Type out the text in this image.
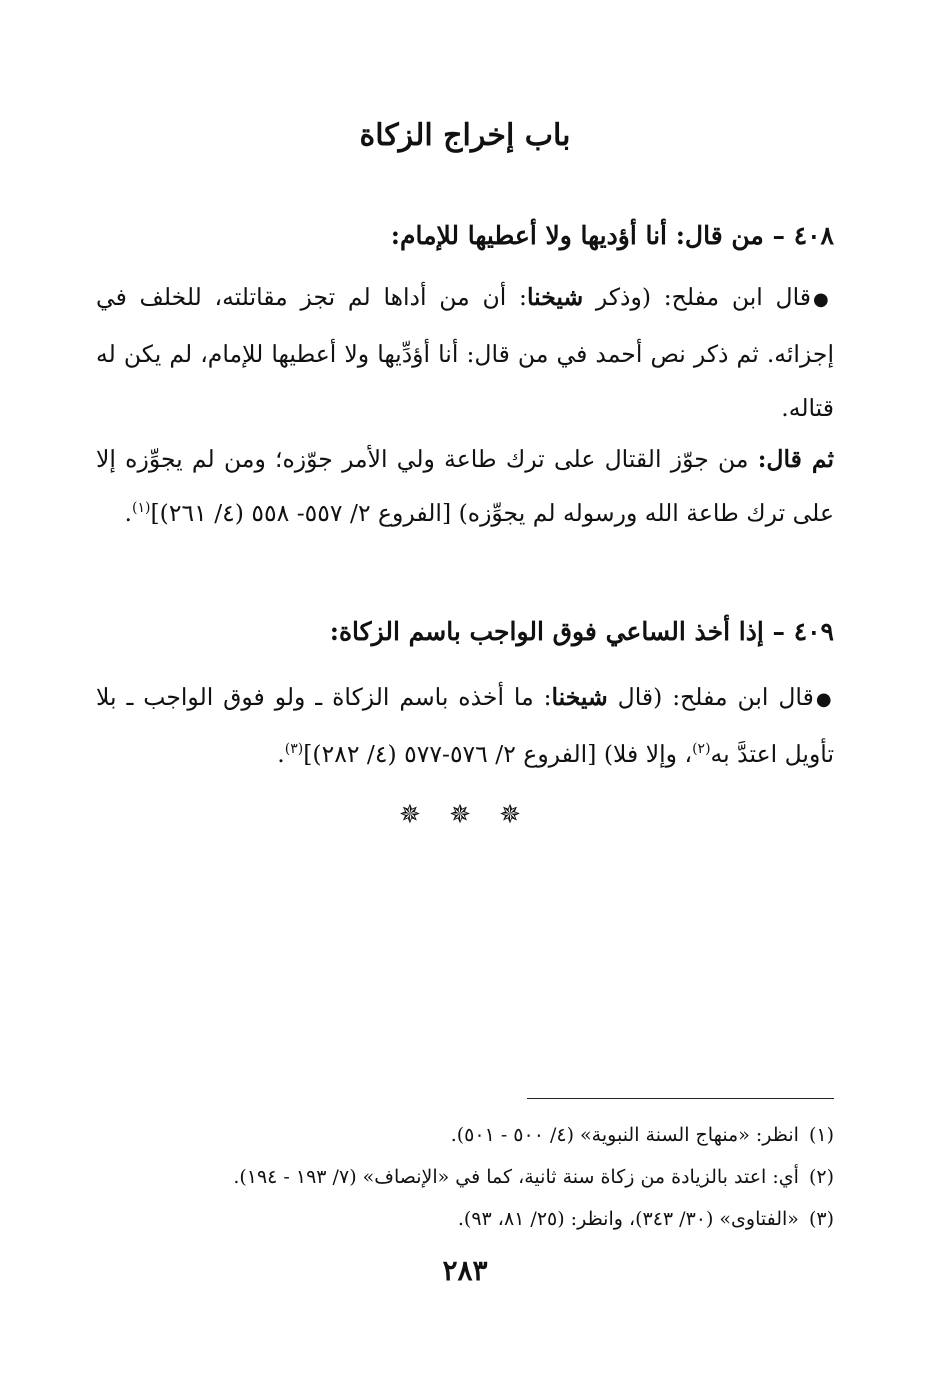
باب إخراج الزكاة
٤٠٨ – من قال: أنا أؤديها ولا أعطيها للإمام:
●قال ابن مفلح: (وذكر شيخنا: أن من أداها لم تجز مقاتلته، للخلف في إجزائه. ثم ذكر نص أحمد في من قال: أنا أؤدِّيها ولا أعطيها للإمام، لم يكن له قتاله.
ثم قال: من جوّز القتال على ترك طاعة ولي الأمر جوّزه؛ ومن لم يجوِّزه إلا على ترك طاعة الله ورسوله لم يجوِّزه) [الفروع ٢/ ٥٥٧- ٥٥٨ (٤/ ٢٦١)]$^{(١)}$.
٤٠٩ – إذا أخذ الساعي فوق الواجب باسم الزكاة:
●قال ابن مفلح: (قال شيخنا: ما أخذه باسم الزكاة ـ ولو فوق الواجب ـ بلا تأويل اعتدَّ به$^{(٢)}$، وإلا فلا) [الفروع ٢/ ٥٧٦-٥٧٧ (٤/ ٢٨٢)]$^{(٣)}$.
✵ ✵ ✵
(١)انظر: «منهاج السنة النبوية» (٤/ ٥٠٠ - ٥٠١).
(٢)أي: اعتد بالزيادة من زكاة سنة ثانية، كما في «الإنصاف» (٧/ ١٩٣ - ١٩٤).
(٣)«الفتاوى» (٣٠/ ٣٤٣)، وانظر: (٢٥/ ٨١، ٩٣).
٢٨٣
